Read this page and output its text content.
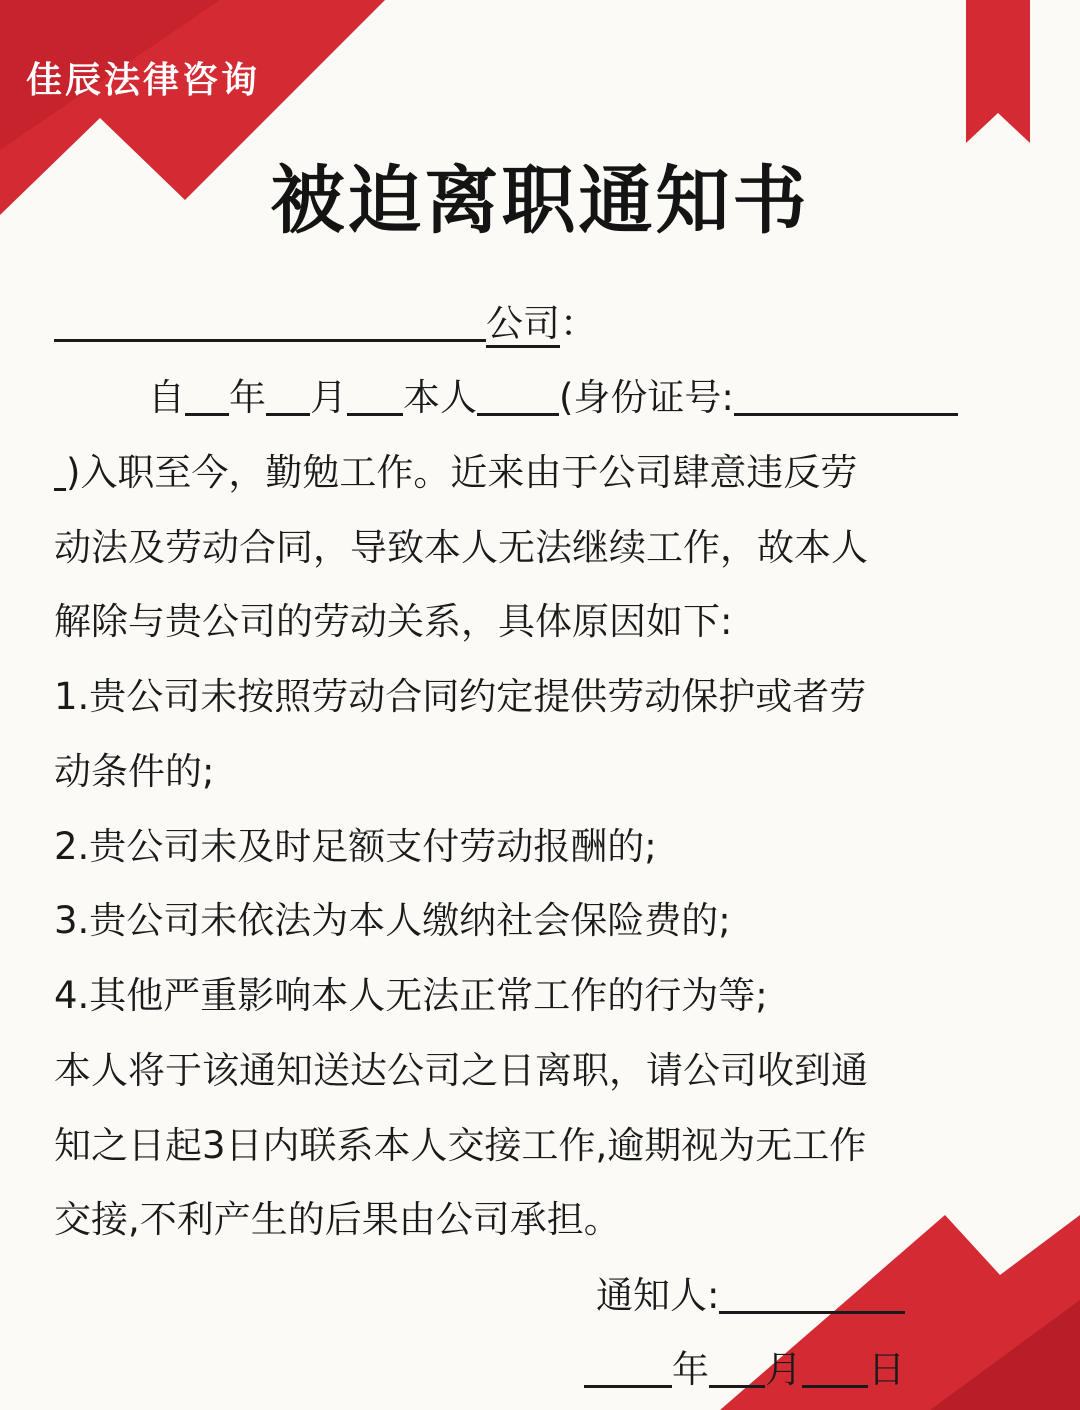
佳辰法律咨询
被迫离职通知书
公司：
自 年 月 本人 (身份证号:
)入职至今，勤勉工作。近来由于公司肆意违反劳
动法及劳动合同，导致本人无法继续工作，故本人
解除与贵公司的劳动关系，具体原因如下:
1.贵公司未按照劳动合同约定提供劳动保护或者劳
动条件的;
2.贵公司未及时足额支付劳动报酬的;
3.贵公司未依法为本人缴纳社会保险费的;
4.其他严重影响本人无法正常工作的行为等;
本人将于该通知送达公司之日离职，请公司收到通
知之日起3日内联系本人交接工作,逾期视为无工作
交接,不利产生的后果由公司承担。
通知人:
年 月 日
